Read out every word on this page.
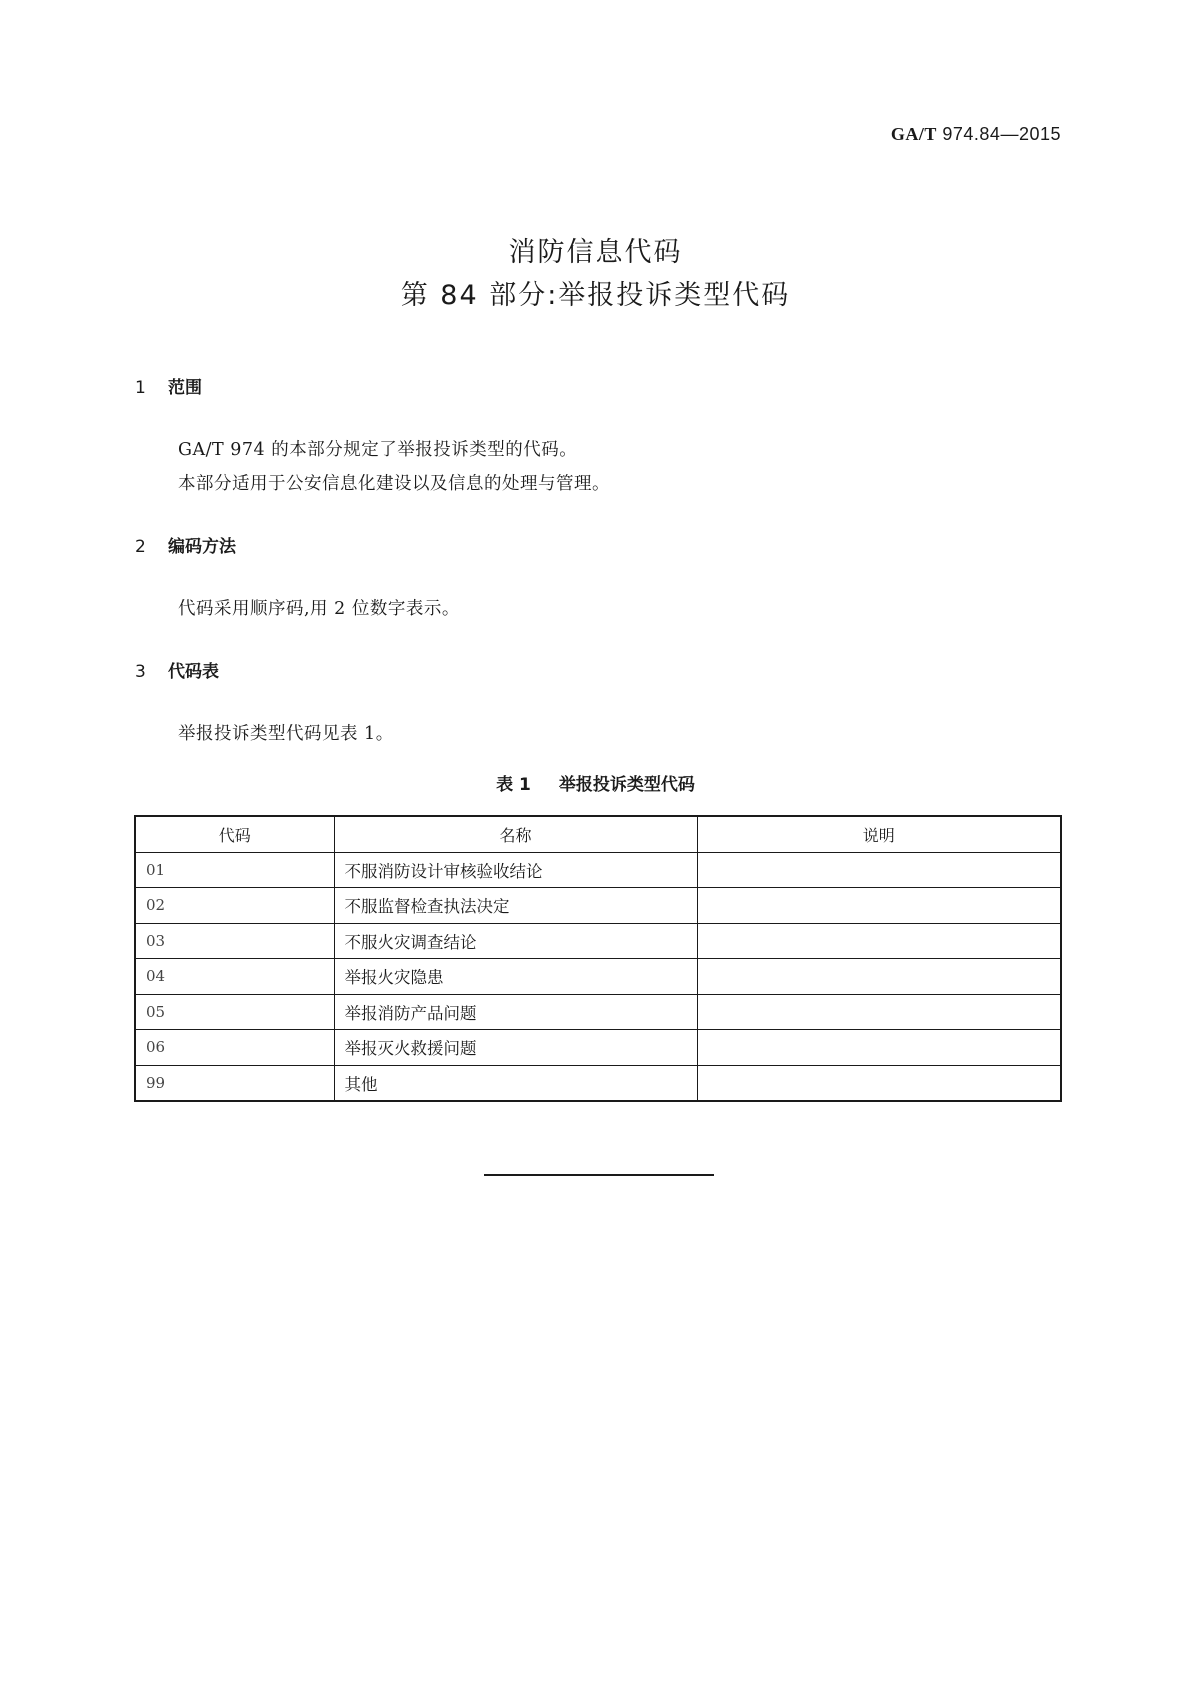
GA/T 974.84—2015
消防信息代码
第 84 部分:举报投诉类型代码
1 范围
GA/T 974 的本部分规定了举报投诉类型的代码。
本部分适用于公安信息化建设以及信息的处理与管理。
2 编码方法
代码采用顺序码,用 2 位数字表示。
3 代码表
举报投诉类型代码见表 1。
表 1 举报投诉类型代码
代码	名称	说明
01	不服消防设计审核验收结论	
02	不服监督检查执法决定	
03	不服火灾调查结论	
04	举报火灾隐患	
05	举报消防产品问题	
06	举报灭火救援问题	
99	其他	
